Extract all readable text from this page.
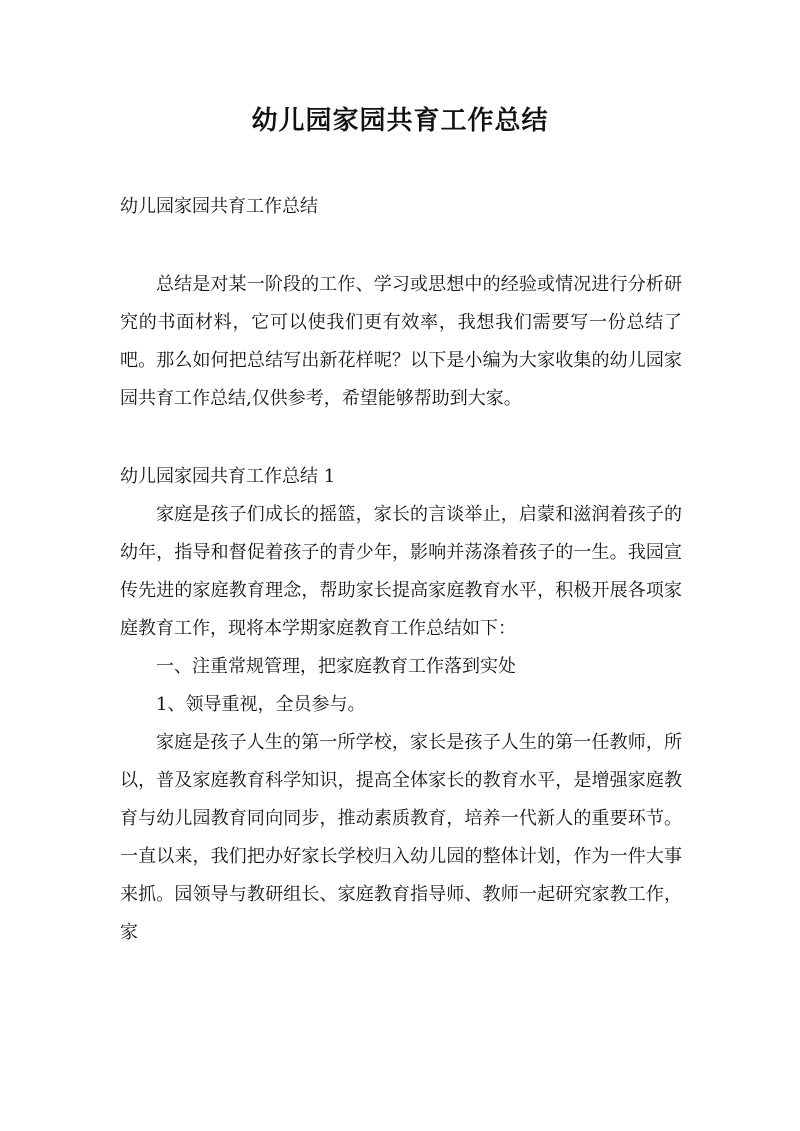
幼儿园家园共育工作总结

幼儿园家园共育工作总结

总结是对某一阶段的工作、学习或思想中的经验或情况进行分析研究的书面材料，它可以使我们更有效率，我想我们需要写一份总结了吧。那么如何把总结写出新花样呢？以下是小编为大家收集的幼儿园家园共育工作总结,仅供参考，希望能够帮助到大家。

幼儿园家园共育工作总结 1

家庭是孩子们成长的摇篮，家长的言谈举止，启蒙和滋润着孩子的幼年，指导和督促着孩子的青少年，影响并荡涤着孩子的一生。我园宣传先进的家庭教育理念，帮助家长提高家庭教育水平，积极开展各项家庭教育工作，现将本学期家庭教育工作总结如下：

一、注重常规管理，把家庭教育工作落到实处

1、领导重视，全员参与。

家庭是孩子人生的第一所学校，家长是孩子人生的第一任教师，所以，普及家庭教育科学知识，提高全体家长的教育水平，是增强家庭教育与幼儿园教育同向同步，推动素质教育，培养一代新人的重要环节。一直以来，我们把办好家长学校归入幼儿园的整体计划，作为一件大事来抓。园领导与教研组长、家庭教育指导师、教师一起研究家教工作，家
